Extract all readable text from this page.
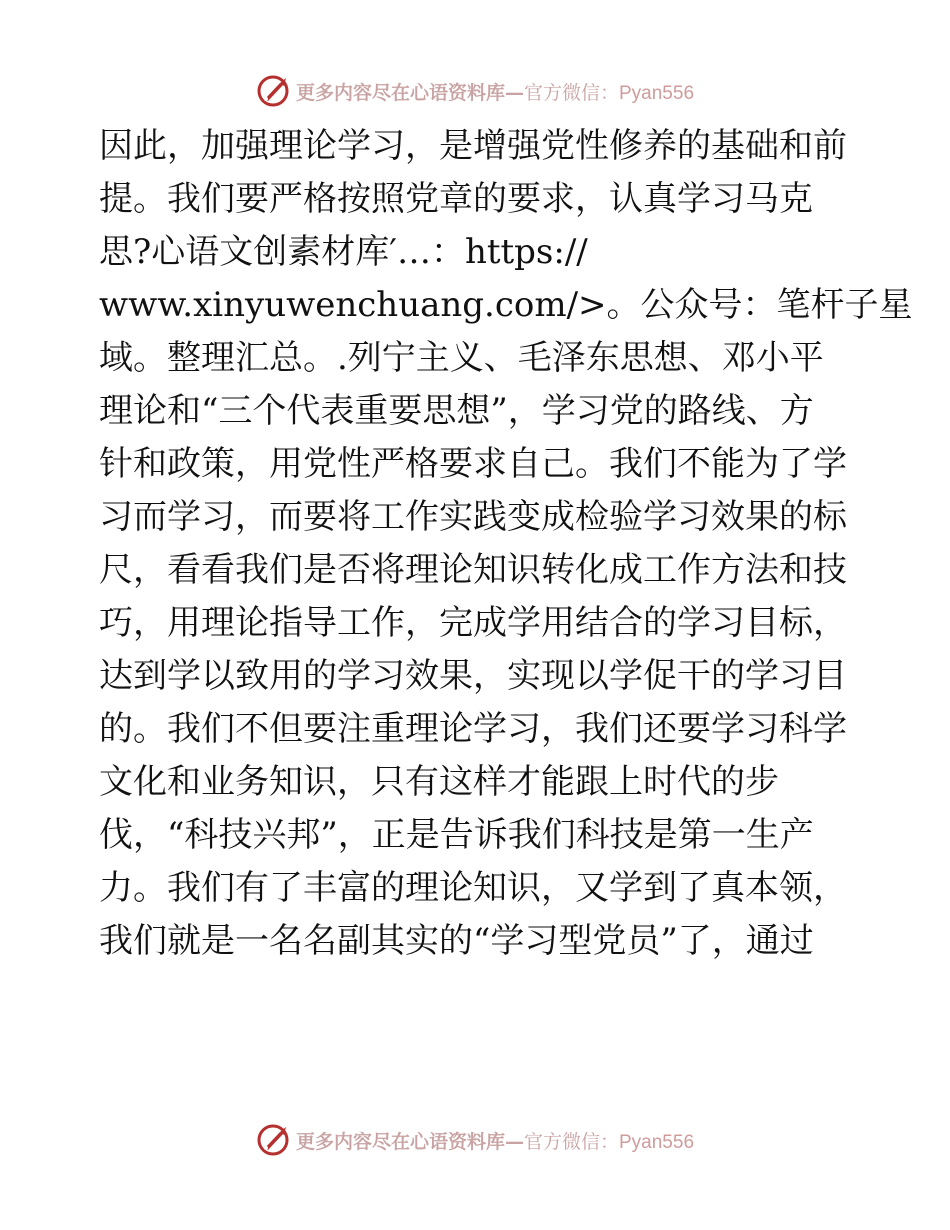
更多内容尽在心语资料库—官方微信：Pyan556
因此，加强理论学习，是增强党性修养的基础和前
提。我们要严格按照党章的要求，认真学习马克
思?心语文创素材库′…：https://
www.xinyuwenchuang.com/>。公众号：笔杆子星
域。整理汇总。.列宁主义、毛泽东思想、邓小平
理论和“三个代表重要思想”，学习党的路线、方
针和政策，用党性严格要求自己。我们不能为了学
习而学习，而要将工作实践变成检验学习效果的标
尺，看看我们是否将理论知识转化成工作方法和技
巧，用理论指导工作，完成学用结合的学习目标，
达到学以致用的学习效果，实现以学促干的学习目
的。我们不但要注重理论学习，我们还要学习科学
文化和业务知识，只有这样才能跟上时代的步
伐，“科技兴邦”，正是告诉我们科技是第一生产
力。我们有了丰富的理论知识，又学到了真本领，
我们就是一名名副其实的“学习型党员”了，通过
更多内容尽在心语资料库—官方微信：Pyan556
